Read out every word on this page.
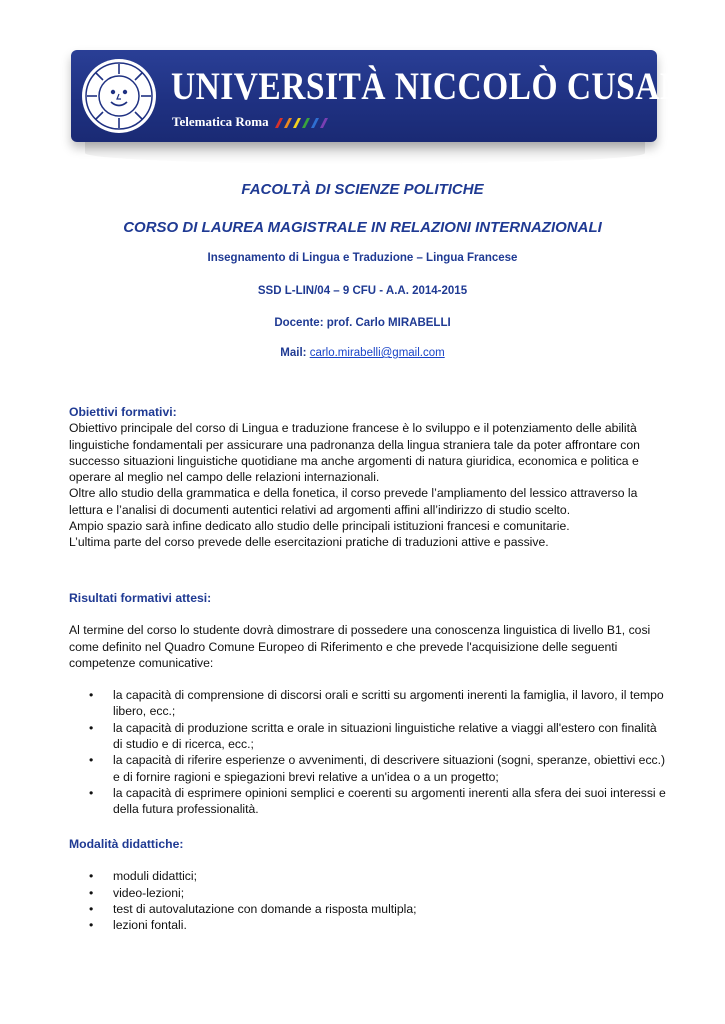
UNIVERSITÀ NICCOLÒ CUSANO
Telematica Roma
FACOLTÀ DI SCIENZE POLITICHE
CORSO DI LAUREA MAGISTRALE IN RELAZIONI INTERNAZIONALI
Insegnamento di Lingua e Traduzione – Lingua Francese
SSD L-LIN/04 – 9 CFU - A.A. 2014-2015
Docente: prof. Carlo MIRABELLI
Mail: carlo.mirabelli@gmail.com

Obiettivi formativi:

Obiettivo principale del corso di Lingua e traduzione francese è lo sviluppo e il potenziamento delle abilità linguistiche fondamentali per assicurare una padronanza della lingua straniera tale da poter affrontare con successo situazioni linguistiche quotidiane ma anche argomenti di natura giuridica, economica e politica e operare al meglio nel campo delle relazioni internazionali.

Oltre allo studio della grammatica e della fonetica, il corso prevede l’ampliamento del lessico attraverso la lettura e l’analisi di documenti autentici relativi ad argomenti affini all’indirizzo di studio scelto.

Ampio spazio sarà infine dedicato allo studio delle principali istituzioni francesi e comunitarie.

L’ultima parte del corso prevede delle esercitazioni pratiche di traduzioni attive e passive.

Risultati formativi attesi:

Al termine del corso lo studente dovrà dimostrare di possedere una conoscenza linguistica di livello B1, cosi come definito nel Quadro Comune Europeo di Riferimento e che prevede l'acquisizione delle seguenti competenze comunicative:

• la capacità di comprensione di discorsi orali e scritti su argomenti inerenti la famiglia, il lavoro, il tempo libero, ecc.;
• la capacità di produzione scritta e orale in situazioni linguistiche relative a viaggi all'estero con finalità di studio e di ricerca, ecc.;
• la capacità di riferire esperienze o avvenimenti, di descrivere situazioni (sogni, speranze, obiettivi ecc.) e di fornire ragioni e spiegazioni brevi relative a un'idea o a un progetto;
• la capacità di esprimere opinioni semplici e coerenti su argomenti inerenti alla sfera dei suoi interessi e della futura professionalità.

Modalità didattiche:

• moduli didattici;
• video-lezioni;
• test di autovalutazione con domande a risposta multipla;
• lezioni fontali.
